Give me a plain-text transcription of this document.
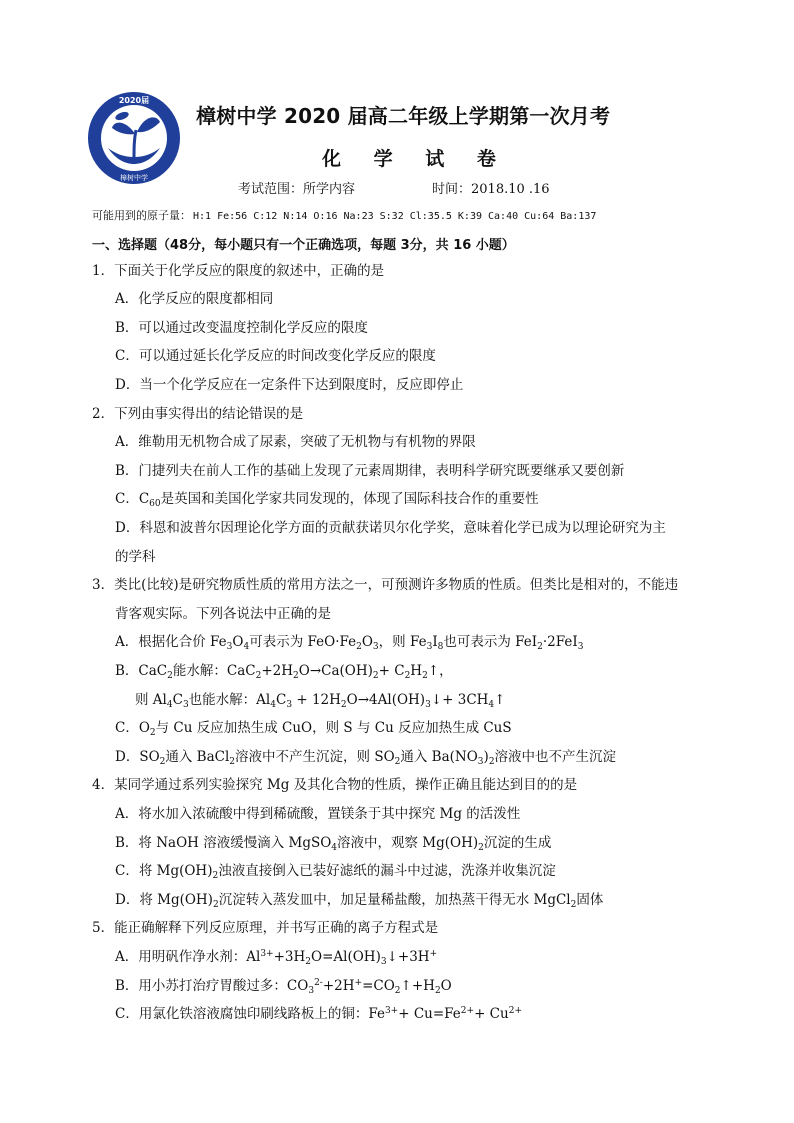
2020届
樟树中学
樟树中学 2020 届高二年级上学期第一次月考
化 学 试 卷
考试范围：所学内容	时间：2018.10 .16
可能用到的原子量： H:1 Fe:56 C:12 N:14 O:16 Na:23 S:32 Cl:35.5 K:39 Ca:40 Cu:64 Ba:137
一、选择题（48分，每小题只有一个正确选项，每题 3分，共 16 小题）
1．下面关于化学反应的限度的叙述中，正确的是
A．化学反应的限度都相同
B．可以通过改变温度控制化学反应的限度
C．可以通过延长化学反应的时间改变化学反应的限度
D．当一个化学反应在一定条件下达到限度时，反应即停止
2．下列由事实得出的结论错误的是
A．维勒用无机物合成了尿素，突破了无机物与有机物的界限
B．门捷列夫在前人工作的基础上发现了元素周期律，表明科学研究既要继承又要创新
C．$C_{60}$是英国和美国化学家共同发现的，体现了国际科技合作的重要性
D．科恩和波普尔因理论化学方面的贡献获诺贝尔化学奖，意味着化学已成为以理论研究为主
的学科
3．类比(比较)是研究物质性质的常用方法之一，可预测许多物质的性质。但类比是相对的，不能违
背客观实际。下列各说法中正确的是
A．根据化合价 $Fe_3O_4$可表示为 $FeO\cdot Fe_2O_3$，则 $Fe_3I_8$也可表示为 FeI$_2$·2FeI$_3$
B．CaC$_2$能水解：$CaC_2+2H_2O\to Ca(OH)_2+$ $C_2H_2↑$，
则 $Al_4C_3$也能水解：$Al_4C_3$ + $12H_2O\to 4Al(OH)_3↓+$ $3CH_4↑$
C．$O_2$与 Cu 反应加热生成 CuO，则 S 与 Cu 反应加热生成 CuS
D．$SO_2$通入 BaCl$_2$溶液中不产生沉淀，则 $SO_2$通入 $Ba(NO_3)_2$溶液中也不产生沉淀
4．某同学通过系列实验探究 Mg 及其化合物的性质，操作正确且能达到目的的是
A．将水加入浓硫酸中得到稀硫酸，置镁条于其中探究 Mg 的活泼性
B．将 NaOH 溶液缓慢滴入 MgSO$_4$溶液中，观察 $Mg(OH)_2$沉淀的生成
C．将 $Mg(OH)_2$浊液直接倒入已装好滤纸的漏斗中过滤，洗涤并收集沉淀
D．将 $Mg(OH)_2$沉淀转入蒸发皿中，加足量稀盐酸，加热蒸干得无水 MgCl$_2$固体
5．能正确解释下列反应原理，并书写正确的离子方程式是
A．用明矾作净水剂：$Al^{3+}+3H_2O=Al(OH)_3↓+3H^+$
B．用小苏打治疗胃酸过多：$CO_3^{2-}+2H^+=CO_2↑+H_2O$
C．用氯化铁溶液腐蚀印刷线路板上的铜：$Fe^{3+}+ Cu=Fe^{2+}+ Cu^{2+}$
